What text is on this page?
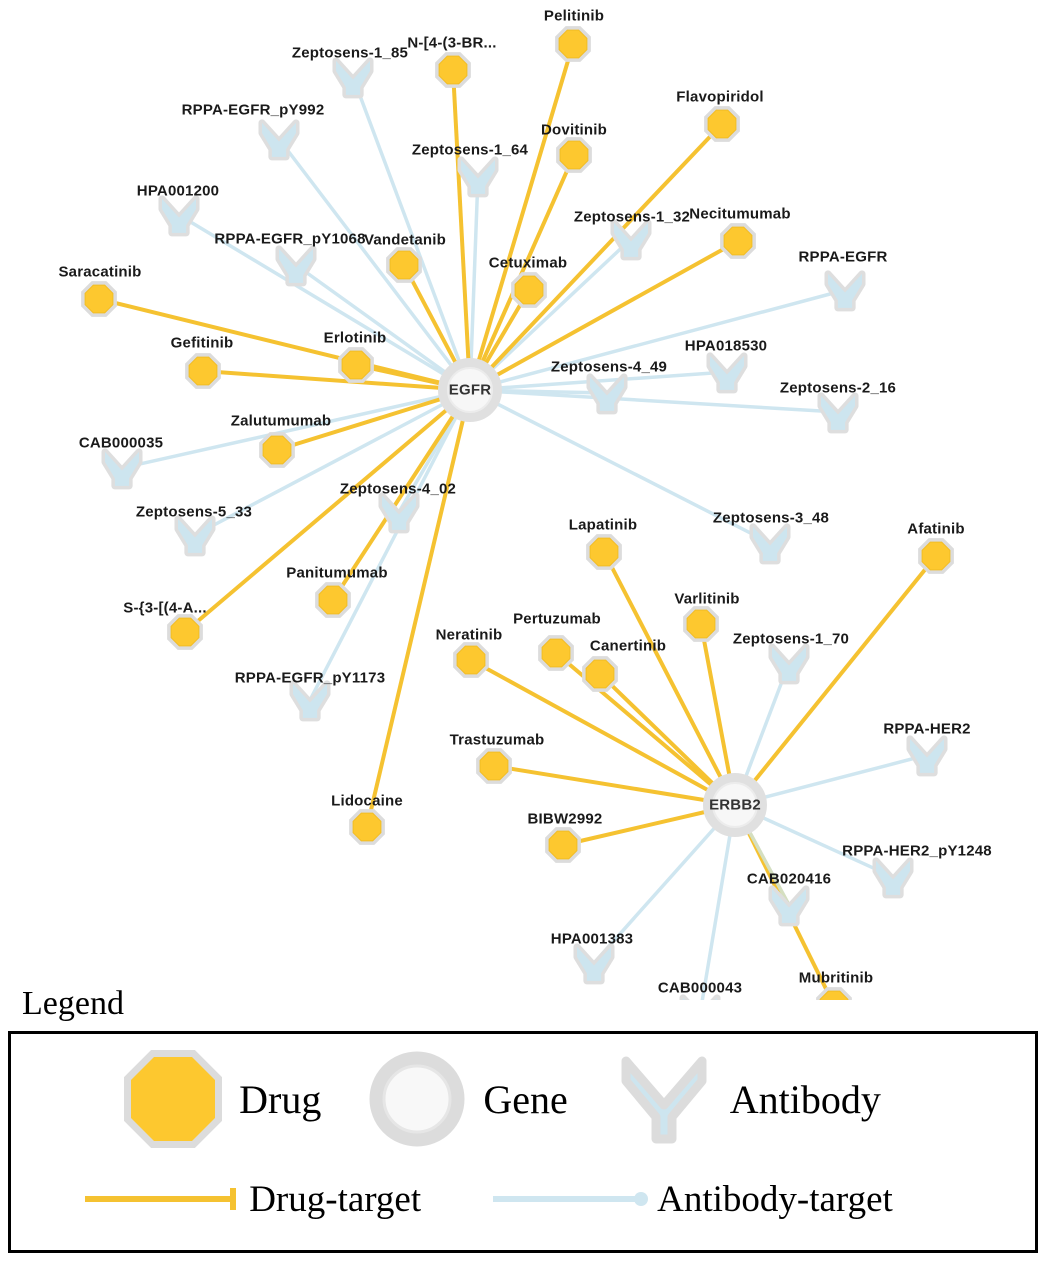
Zeptosens-1_85
RPPA-EGFR_pY992
Zeptosens-1_64
HPA001200
Zeptosens-1_32
RPPA-EGFR_pY1068
RPPA-EGFR
HPA018530
Zeptosens-4_49
Zeptosens-2_16
CAB000035
Zeptosens-4_02
Zeptosens-5_33	Zeptosens-3_48
Zeptosens-1_70
RPPA-EGFR_pY1173
RPPA-HER2
RPPA-HER2_pY1248
CAB020416
HPA001383
CAB000043
Pelitinib
N-[4-(3-BR...
Flavopiridol
Dovitinib
Necitumumab
Vandetanib
Cetuximab
Saracatinib
Erlotinib
Gefitinib
Zalutumumab
Afatinib
Lapatinib
Varlitinib
Panitumumab
S-{3-[(4-A...
Pertuzumab
Canertinib
Neratinib
Trastuzumab
Lidocaine
BIBW2992
Mubritinib
EGFR
ERBB2
Legend
Drug	Gene	Antibody
Drug-target	Antibody-target
